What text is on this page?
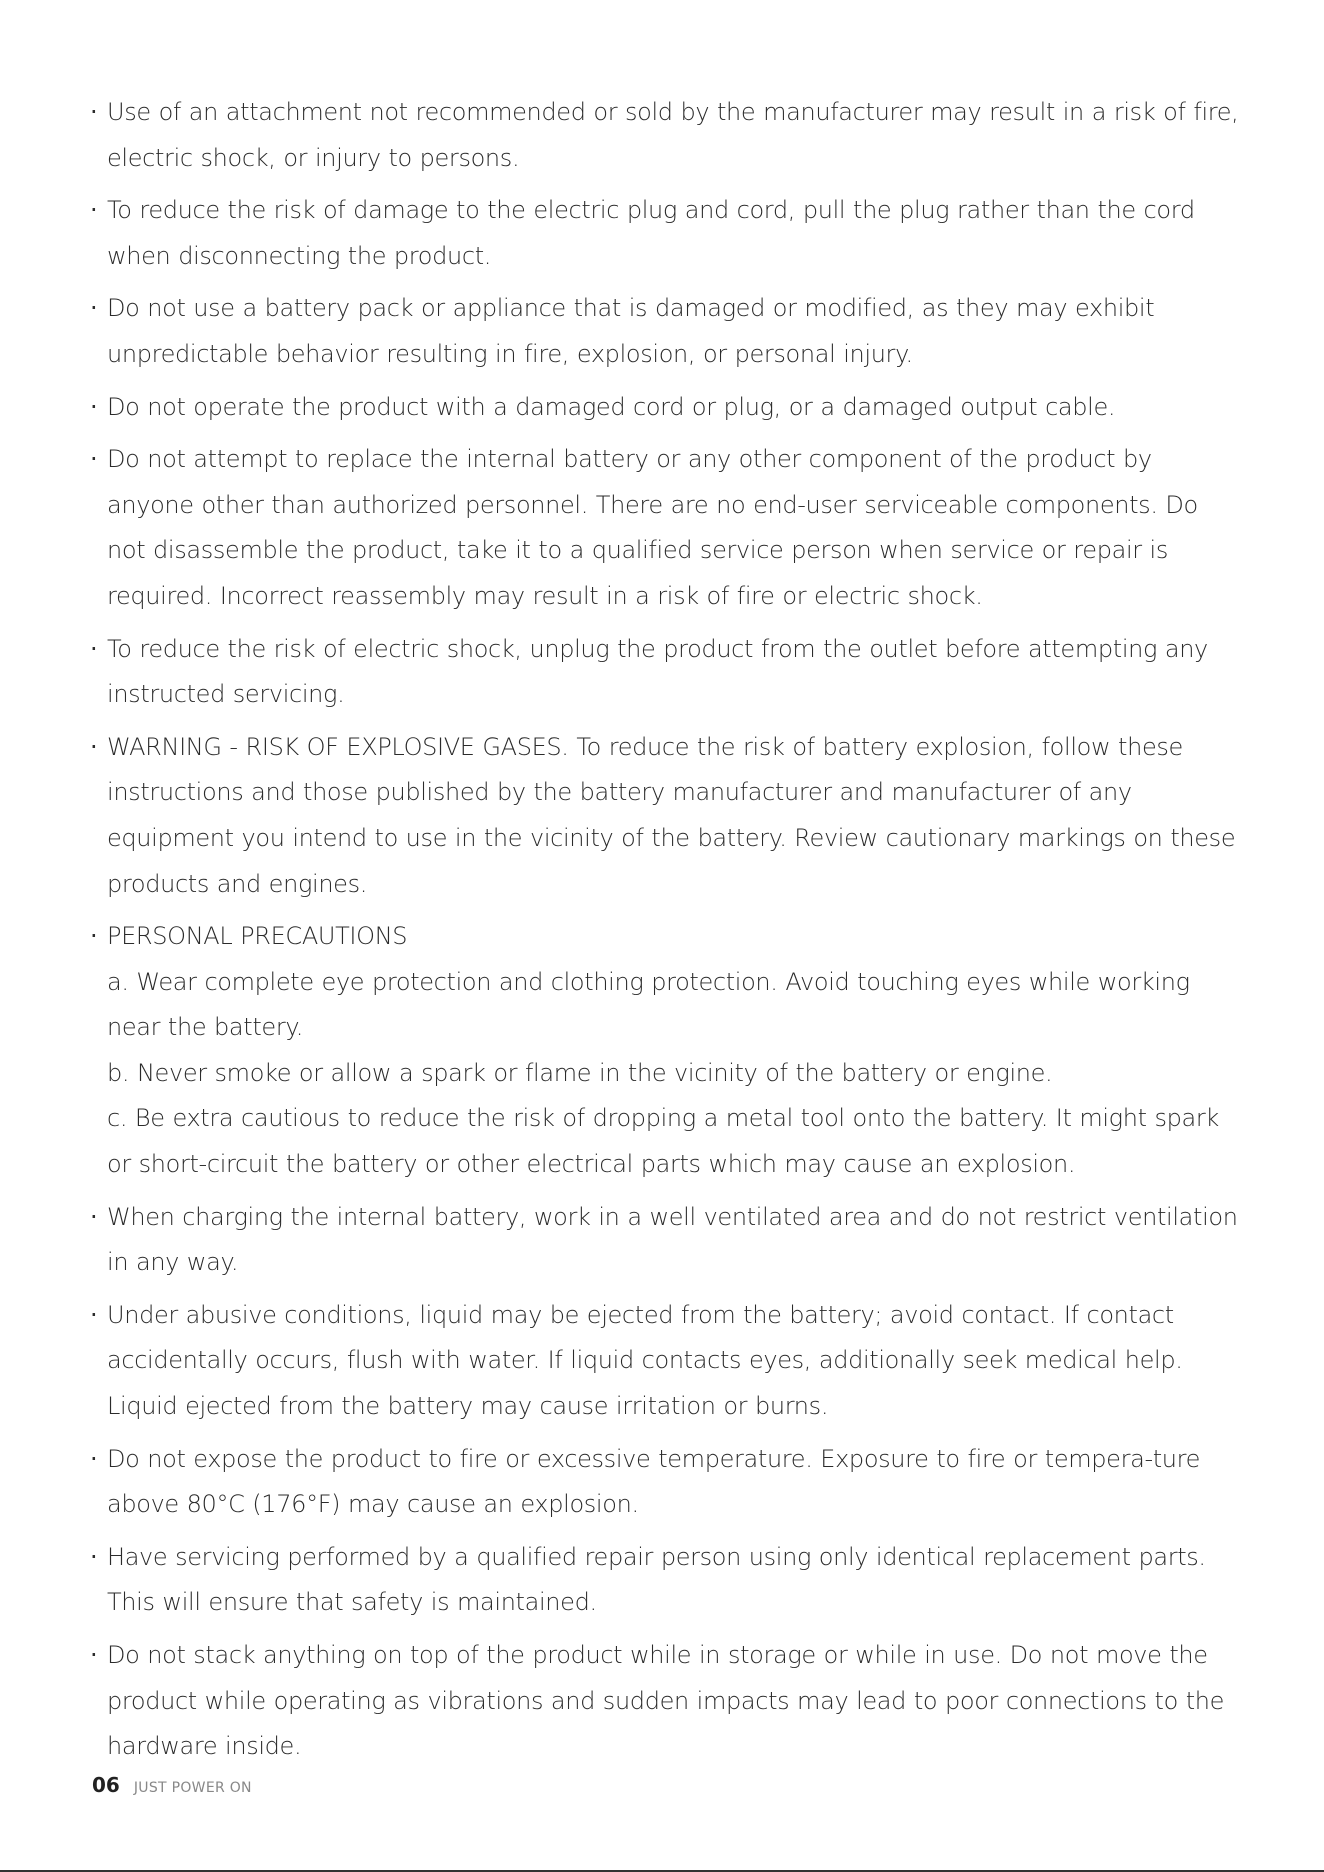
· Use of an attachment not recommended or sold by the manufacturer may result in a risk of fire, electric shock, or injury to persons.
· To reduce the risk of damage to the electric plug and cord, pull the plug rather than the cord when disconnecting the product.
· Do not use a battery pack or appliance that is damaged or modified, as they may exhibit unpredictable behavior resulting in fire, explosion, or personal injury.
· Do not operate the product with a damaged cord or plug, or a damaged output cable.
· Do not attempt to replace the internal battery or any other component of the product by anyone other than authorized personnel. There are no end-user serviceable components. Do not disassemble the product, take it to a qualified service person when service or repair is required. Incorrect reassembly may result in a risk of fire or electric shock.
· To reduce the risk of electric shock, unplug the product from the outlet before attempting any instructed servicing.
· WARNING - RISK OF EXPLOSIVE GASES. To reduce the risk of battery explosion, follow these instructions and those published by the battery manufacturer and manufacturer of any equipment you intend to use in the vicinity of the battery. Review cautionary markings on these products and engines.
· PERSONAL PRECAUTIONS
a. Wear complete eye protection and clothing protection. Avoid touching eyes while working near the battery.
b. Never smoke or allow a spark or flame in the vicinity of the battery or engine.
c. Be extra cautious to reduce the risk of dropping a metal tool onto the battery. It might spark or short-circuit the battery or other electrical parts which may cause an explosion.
· When charging the internal battery, work in a well ventilated area and do not restrict ventilation in any way.
· Under abusive conditions, liquid may be ejected from the battery; avoid contact. If contact accidentally occurs, flush with water. If liquid contacts eyes, additionally seek medical help. Liquid ejected from the battery may cause irritation or burns.
· Do not expose the product to fire or excessive temperature. Exposure to fire or tempera-ture above 80°C (176°F) may cause an explosion.
· Have servicing performed by a qualified repair person using only identical replacement parts. This will ensure that safety is maintained.
· Do not stack anything on top of the product while in storage or while in use. Do not move the product while operating as vibrations and sudden impacts may lead to poor connections to the hardware inside.
06 JUST POWER ON
